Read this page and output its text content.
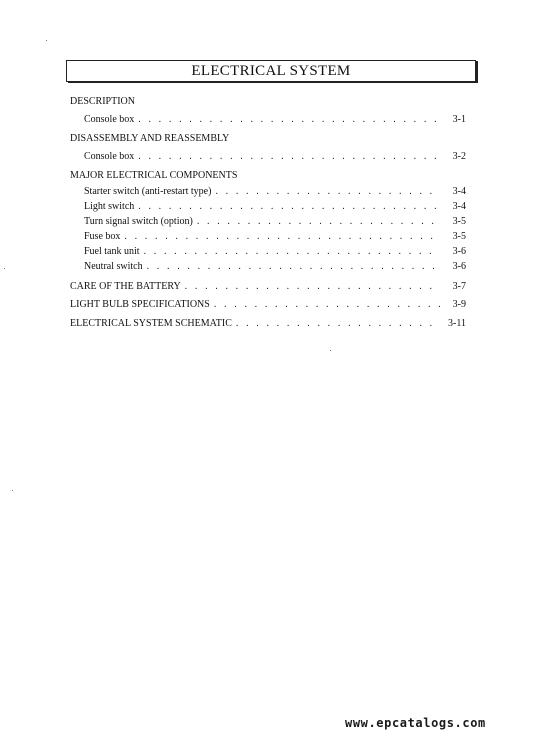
ELECTRICAL SYSTEM
DESCRIPTION
Console box . . .	3-1
DISASSEMBLY AND REASSEMBLY
Console box . . .	3-2
MAJOR ELECTRICAL COMPONENTS
Starter switch (anti-restart type) . . .	3-4
Light switch . . .	3-4
Turn signal switch (option) . . .	3-5
Fuse box . . .	3-5
Fuel tank unit . . .	3-6
Neutral switch . . .	3-6
CARE OF THE BATTERY . . .	3-7
LIGHT BULB SPECIFICATIONS . . .	3-9
ELECTRICAL SYSTEM SCHEMATIC . . .	3-11
www.epcatalogs.com
